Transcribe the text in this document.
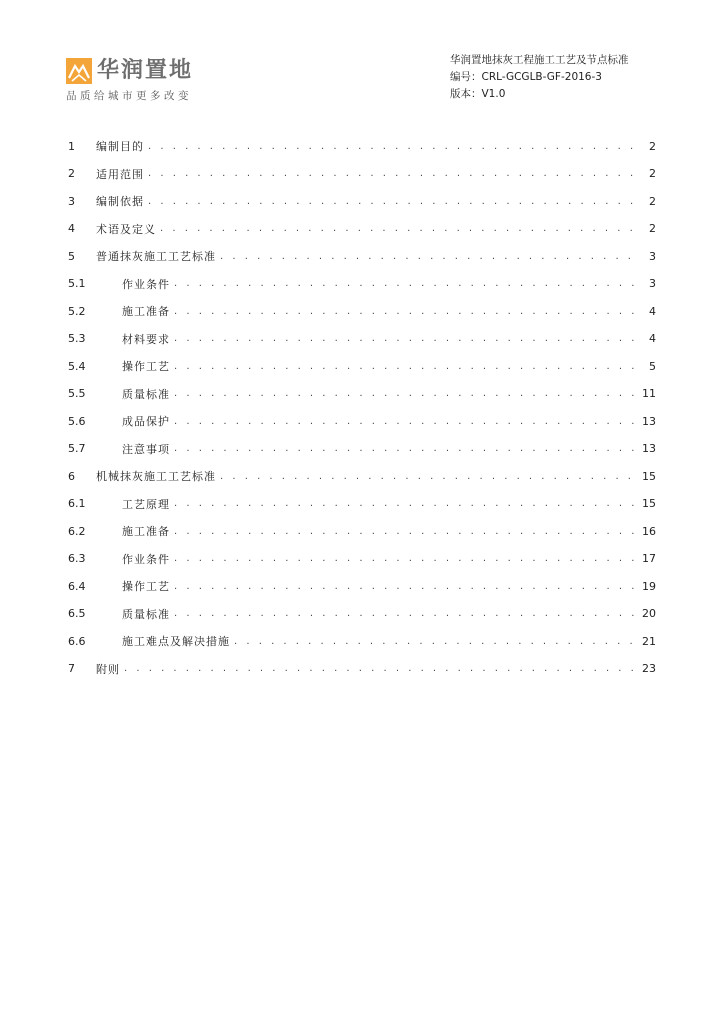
华润置地
品质给城市更多改变
华润置地抹灰工程施工工艺及节点标准
编号：CRL-GCGLB-GF-2016-3
版本：V1.0
1	编制目的 . . .	2
2	适用范围 . . .	2
3	编制依据 . . .	2
4	术语及定义 . . .	2
5	普通抹灰施工工艺标准 . . .	3
5.1	作业条件 . . .	3
5.2	施工准备 . . .	4
5.3	材料要求 . . .	4
5.4	操作工艺 . . .	5
5.5	质量标准 . . .	11
5.6	成品保护 . . .	13
5.7	注意事项 . . .	13
6	机械抹灰施工工艺标准 . . .	15
6.1	工艺原理 . . .	15
6.2	施工准备 . . .	16
6.3	作业条件 . . .	17
6.4	操作工艺 . . .	19
6.5	质量标准 . . .	20
6.6	施工难点及解决措施 . . .	21
7	附则 . . .	23
